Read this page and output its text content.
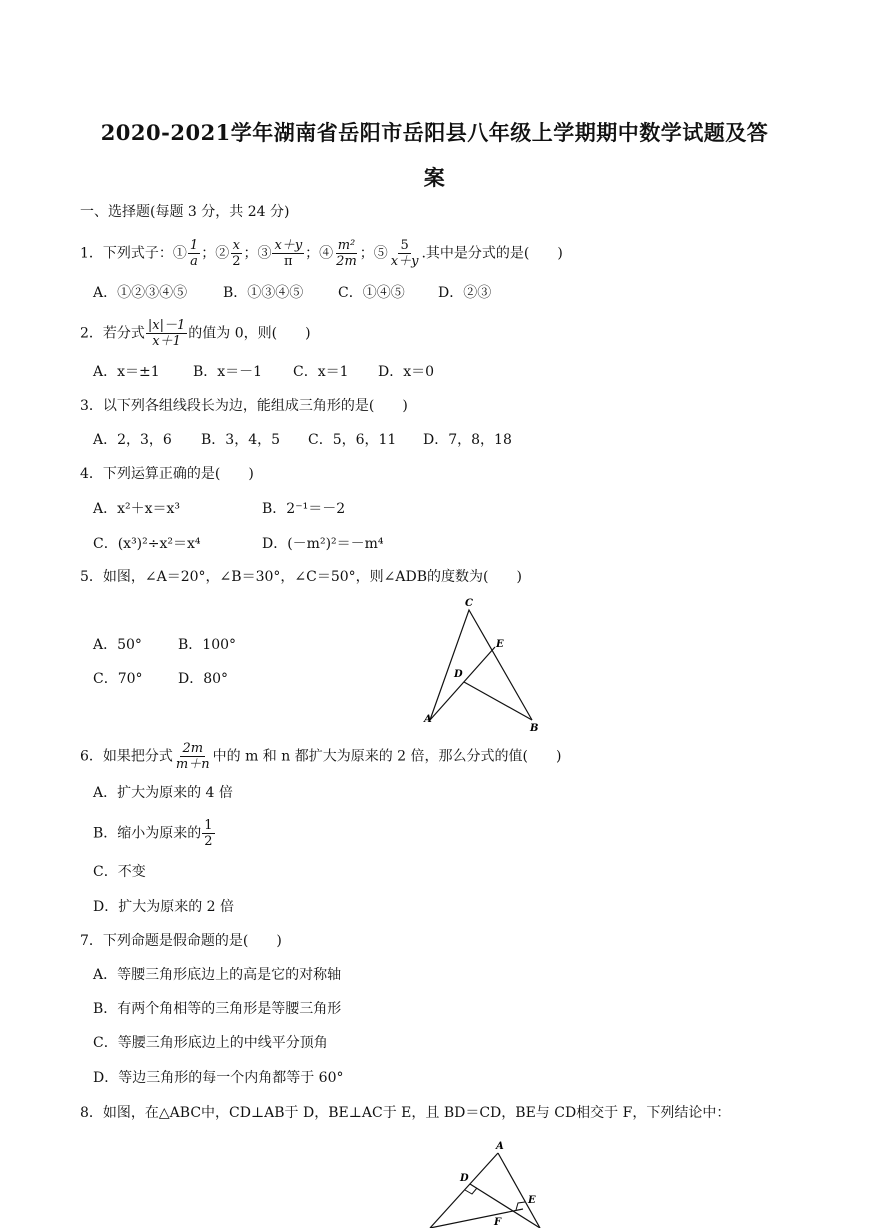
2020-2021学年湖南省岳阳市岳阳县八年级上学期期中数学试题及答
案
一、选择题(每题 3 分，共 24 分)
1．下列式子：① $\frac{1}{a}$ ；② $\frac{x}{2}$ ；③ $\frac{x+y}{\pi}$ ；④ $\frac{\text{m²}}{2m}$ ；⑤ $\frac{5}{x+y}$ .其中是分式的是(　　)
A．①②③④⑤	B．①③④⑤ C．①④⑤ D．②③
2．若分式 $\frac{|x|-1}{x+1}$ 的值为 0，则(　　)
A．x＝±1 B．x＝－1 C．x＝1 D．x＝0
3．以下列各组线段长为边，能组成三角形的是(　　)
A．2，3，6 B．3，4，5 C．5，6，11 D．7，8，18
4．下列运算正确的是(　　)
A．x²＋x＝x³	B．2⁻¹＝－2
C．(x³)²÷x²＝x⁴	D．(－m²)²＝－m⁴
5．如图，∠A＝20°，∠B＝30°，∠C＝50°，则∠ADB的度数为(　　)
A．50°	B．100°
C．70°	D．80°
C
E
D
A
B
6．如果把分式 $\frac{2m}{m+n}$ 中的 m 和 n 都扩大为原来的 2 倍，那么分式的值(　　)
A．扩大为原来的 4 倍
B．缩小为原来的 $\frac{1}{2}$
C．不变
D．扩大为原来的 2 倍
7．下列命题是假命题的是(　　)
A．等腰三角形底边上的高是它的对称轴
B．有两个角相等的三角形是等腰三角形
C．等腰三角形底边上的中线平分顶角
D．等边三角形的每一个内角都等于 60°
8．如图，在△ABC中，CD⊥AB于 D，BE⊥AC于 E，且 BD＝CD，BE与 CD相交于 F，下列结论中：
A
D
E
F
